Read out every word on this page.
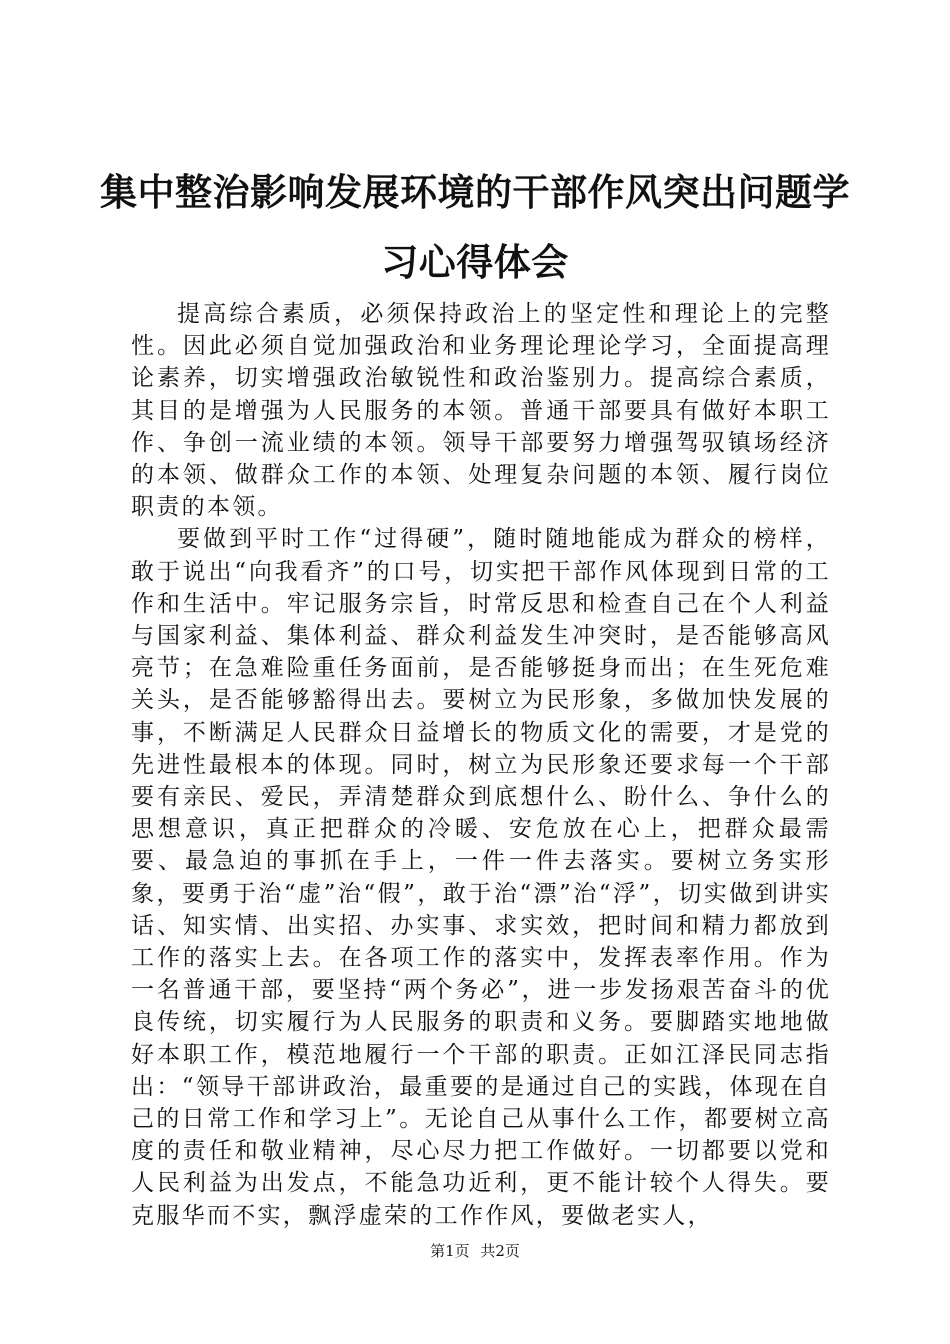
集中整治影响发展环境的干部作风突出问题学习心得体会

提高综合素质，必须保持政治上的坚定性和理论上的完整性。因此必须自觉加强政治和业务理论理论学习，全面提高理论素养，切实增强政治敏锐性和政治鉴别力。提高综合素质，其目的是增强为人民服务的本领。普通干部要具有做好本职工作、争创一流业绩的本领。领导干部要努力增强驾驭镇场经济的本领、做群众工作的本领、处理复杂问题的本领、履行岗位职责的本领。

要做到平时工作“过得硬”，随时随地能成为群众的榜样，敢于说出“向我看齐”的口号，切实把干部作风体现到日常的工作和生活中。牢记服务宗旨，时常反思和检查自己在个人利益与国家利益、集体利益、群众利益发生冲突时，是否能够高风亮节；在急难险重任务面前，是否能够挺身而出；在生死危难关头，是否能够豁得出去。要树立为民形象，多做加快发展的事，不断满足人民群众日益增长的物质文化的需要，才是党的先进性最根本的体现。同时，树立为民形象还要求每一个干部要有亲民、爱民，弄清楚群众到底想什么、盼什么、争什么的思想意识，真正把群众的冷暖、安危放在心上，把群众最需要、最急迫的事抓在手上，一件一件去落实。要树立务实形象，要勇于治“虚”治“假”，敢于治“漂”治“浮”，切实做到讲实话、知实情、出实招、办实事、求实效，把时间和精力都放到工作的落实上去。在各项工作的落实中，发挥表率作用。作为一名普通干部，要坚持“两个务必”，进一步发扬艰苦奋斗的优良传统，切实履行为人民服务的职责和义务。要脚踏实地地做好本职工作，模范地履行一个干部的职责。正如江泽民同志指出：“领导干部讲政治，最重要的是通过自己的实践，体现在自己的日常工作和学习上”。无论自己从事什么工作，都要树立高度的责任和敬业精神，尽心尽力把工作做好。一切都要以党和人民利益为出发点，不能急功近利，更不能计较个人得失。要克服华而不实，飘浮虚荣的工作作风，要做老实人，

第1页 共2页
